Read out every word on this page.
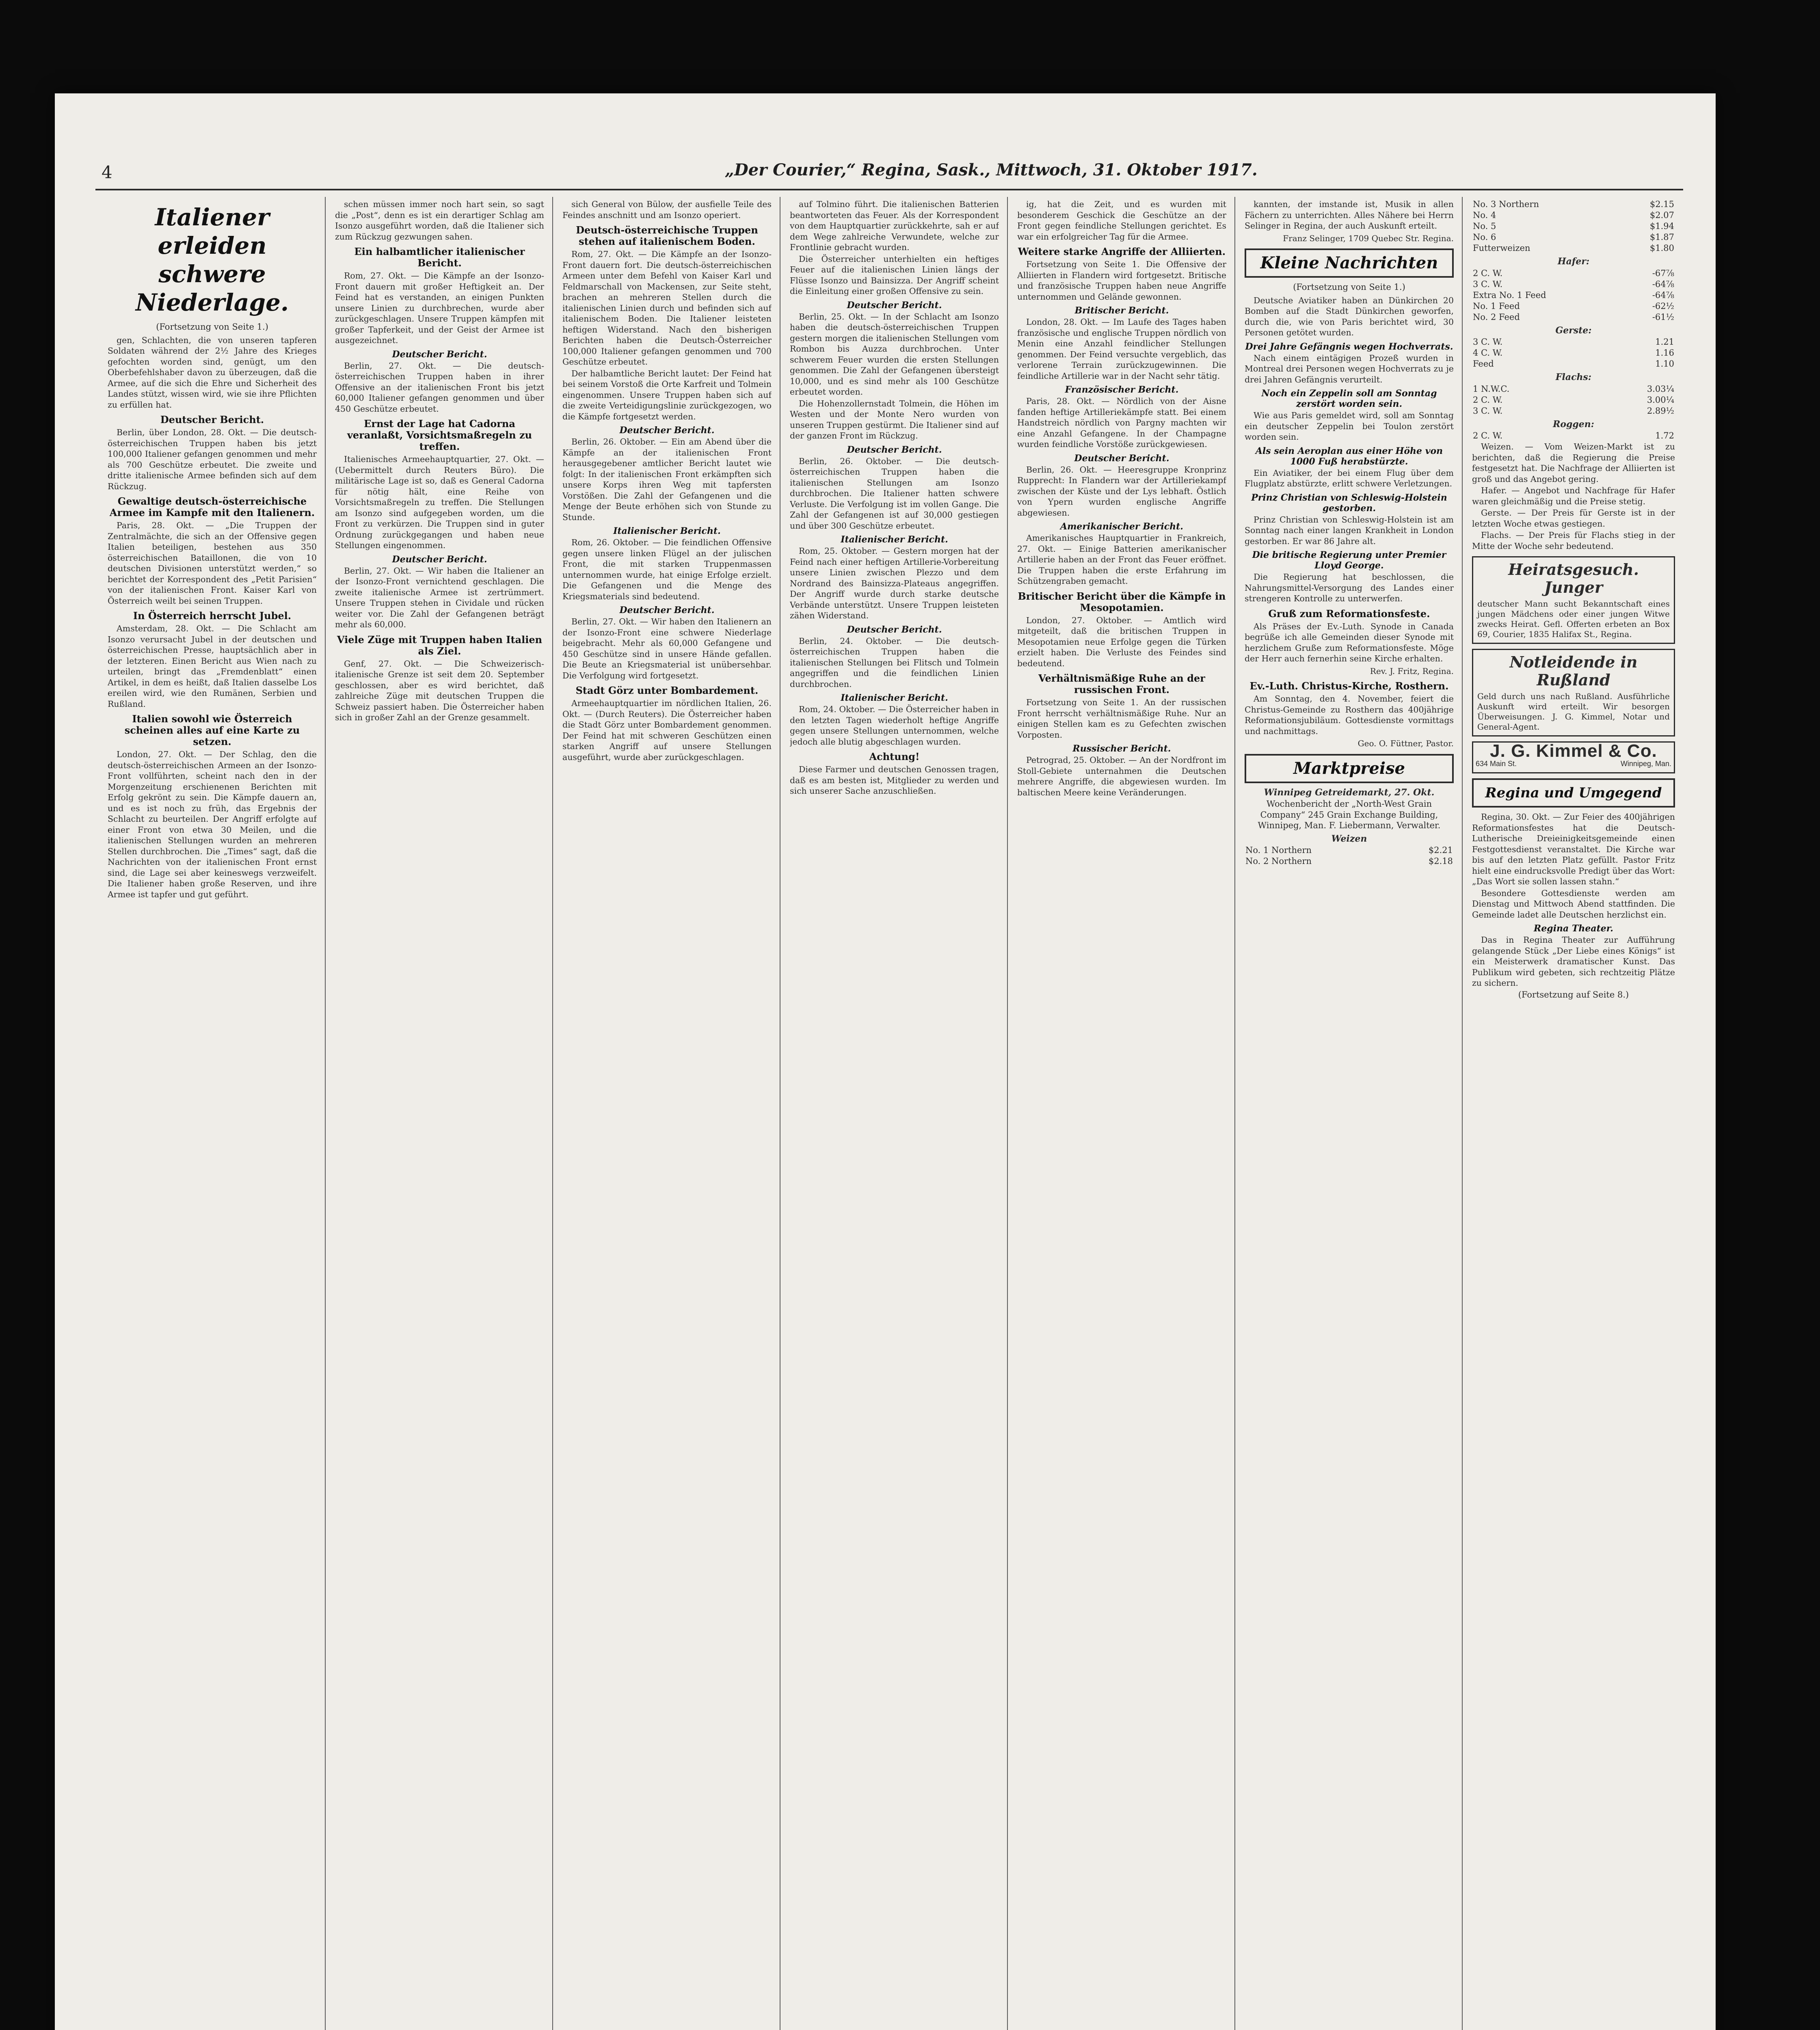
4	„Der Courier,“ Regina, Sask., Mittwoch, 31. Oktober 1917.
Italiener erleiden schwere Niederlage.
(Fortsetzung von Seite 1.)

gen, Schlachten, die von unseren tapferen Soldaten während der 2½ Jahre des Krieges gefochten worden sind, genügt, um den Oberbefehlshaber davon zu überzeugen, daß die Armee, auf die sich die Ehre und Sicherheit des Landes stützt, wissen wird, wie sie ihre Pflichten zu erfüllen hat.

Deutscher Bericht.

Berlin, über London, 28. Okt. — Die deutsch-österreichischen Truppen haben bis jetzt 100,000 Italiener gefangen genommen und mehr als 700 Geschütze erbeutet. Die zweite und dritte italienische Armee befinden sich auf dem Rückzug.

Gewaltige deutsch-österreichische Armee im Kampfe mit den Italienern.

Paris, 28. Okt. — „Die Truppen der Zentralmächte, die sich an der Offensive gegen Italien beteiligen, bestehen aus 350 österreichischen Bataillonen, die von 10 deutschen Divisionen unterstützt werden,“ so berichtet der Korrespondent des „Petit Parisien“ von der italienischen Front. Kaiser Karl von Österreich weilt bei seinen Truppen.

In Österreich herrscht Jubel.

Amsterdam, 28. Okt. — Die Schlacht am Isonzo verursacht Jubel in der deutschen und österreichischen Presse, hauptsächlich aber in der letzteren. Einen Bericht aus Wien nach zu urteilen, bringt das „Fremdenblatt“ einen Artikel, in dem es heißt, daß Italien dasselbe Los ereilen wird, wie den Rumänen, Serbien und Rußland.

Italien sowohl wie Österreich scheinen alles auf eine Karte zu setzen.

London, 27. Okt. — Der Schlag, den die deutsch-österreichischen Armeen an der Isonzo-Front vollführten, scheint nach den in der Morgenzeitung erschienenen Berichten mit Erfolg gekrönt zu sein. Die Kämpfe dauern an, und es ist noch zu früh, das Ergebnis der Schlacht zu beurteilen. Der Angriff erfolgte auf einer Front von etwa 30 Meilen, und die italienischen Stellungen wurden an mehreren Stellen durchbrochen. Die „Times“ sagt, daß die Nachrichten von der italienischen Front ernst sind, die Lage sei aber keineswegs verzweifelt. Die Italiener haben große Reserven, und ihre Armee ist tapfer und gut geführt.

schen müssen immer noch hart sein, so sagt die „Post“, denn es ist ein derartiger Schlag am Isonzo ausgeführt worden, daß die Italiener sich zum Rückzug gezwungen sahen.

Ein halbamtlicher italienischer Bericht.

Rom, 27. Okt. — Die Kämpfe an der Isonzo-Front dauern mit großer Heftigkeit an. Der Feind hat es verstanden, an einigen Punkten unsere Linien zu durchbrechen, wurde aber zurückgeschlagen. Unsere Truppen kämpfen mit großer Tapferkeit, und der Geist der Armee ist ausgezeichnet.

Deutscher Bericht.

Berlin, 27. Okt. — Die deutsch-österreichischen Truppen haben in ihrer Offensive an der italienischen Front bis jetzt 60,000 Italiener gefangen genommen und über 450 Geschütze erbeutet.

Ernst der Lage hat Cadorna veranlaßt, Vorsichtsmaßregeln zu treffen.

Italienisches Armeehauptquartier, 27. Okt. — (Uebermittelt durch Reuters Büro). Die militärische Lage ist so, daß es General Cadorna für nötig hält, eine Reihe von Vorsichtsmaßregeln zu treffen. Die Stellungen am Isonzo sind aufgegeben worden, um die Front zu verkürzen. Die Truppen sind in guter Ordnung zurückgegangen und haben neue Stellungen eingenommen.

Deutscher Bericht.

Berlin, 27. Okt. — Wir haben die Italiener an der Isonzo-Front vernichtend geschlagen. Die zweite italienische Armee ist zertrümmert. Unsere Truppen stehen in Cividale und rücken weiter vor. Die Zahl der Gefangenen beträgt mehr als 60,000.

Viele Züge mit Truppen haben Italien als Ziel.

Genf, 27. Okt. — Die Schweizerisch-italienische Grenze ist seit dem 20. September geschlossen, aber es wird berichtet, daß zahlreiche Züge mit deutschen Truppen die Schweiz passiert haben. Die Österreicher haben sich in großer Zahl an der Grenze gesammelt.

sich General von Bülow, der ausfielle Teile des Feindes anschnitt und am Isonzo operiert.

Deutsch-österreichische Truppen stehen auf italienischem Boden.

Rom, 27. Okt. — Die Kämpfe an der Isonzo-Front dauern fort. Die deutsch-österreichischen Armeen unter dem Befehl von Kaiser Karl und Feldmarschall von Mackensen, zur Seite steht, brachen an mehreren Stellen durch die italienischen Linien durch und befinden sich auf italienischem Boden. Die Italiener leisteten heftigen Widerstand. Nach den bisherigen Berichten haben die Deutsch-Österreicher 100,000 Italiener gefangen genommen und 700 Geschütze erbeutet.

Der halbamtliche Bericht lautet: Der Feind hat bei seinem Vorstoß die Orte Karfreit und Tolmein eingenommen. Unsere Truppen haben sich auf die zweite Verteidigungslinie zurückgezogen, wo die Kämpfe fortgesetzt werden.

Deutscher Bericht.

Berlin, 26. Oktober. — Ein am Abend über die Kämpfe an der italienischen Front herausgegebener amtlicher Bericht lautet wie folgt: In der italienischen Front erkämpften sich unsere Korps ihren Weg mit tapfersten Vorstößen. Die Zahl der Gefangenen und die Menge der Beute erhöhen sich von Stunde zu Stunde.

Italienischer Bericht.

Rom, 26. Oktober. — Die feindlichen Offensive gegen unsere linken Flügel an der julischen Front, die mit starken Truppenmassen unternommen wurde, hat einige Erfolge erzielt. Die Gefangenen und die Menge des Kriegsmaterials sind bedeutend.

Deutscher Bericht.

Berlin, 27. Okt. — Wir haben den Italienern an der Isonzo-Front eine schwere Niederlage beigebracht. Mehr als 60,000 Gefangene und 450 Geschütze sind in unsere Hände gefallen. Die Beute an Kriegsmaterial ist unübersehbar. Die Verfolgung wird fortgesetzt.

Stadt Görz unter Bombardement.

Armeehauptquartier im nördlichen Italien, 26. Okt. — (Durch Reuters). Die Österreicher haben die Stadt Görz unter Bombardement genommen. Der Feind hat mit schweren Geschützen einen starken Angriff auf unsere Stellungen ausgeführt, wurde aber zurückgeschlagen.

auf Tolmino führt. Die italienischen Batterien beantworteten das Feuer. Als der Korrespondent von dem Hauptquartier zurückkehrte, sah er auf dem Wege zahlreiche Verwundete, welche zur Frontlinie gebracht wurden.

Die Österreicher unterhielten ein heftiges Feuer auf die italienischen Linien längs der Flüsse Isonzo und Bainsizza. Der Angriff scheint die Einleitung einer großen Offensive zu sein.

Deutscher Bericht.

Berlin, 25. Okt. — In der Schlacht am Isonzo haben die deutsch-österreichischen Truppen gestern morgen die italienischen Stellungen vom Rombon bis Auzza durchbrochen. Unter schwerem Feuer wurden die ersten Stellungen genommen. Die Zahl der Gefangenen übersteigt 10,000, und es sind mehr als 100 Geschütze erbeutet worden.

Die Hohenzollernstadt Tolmein, die Höhen im Westen und der Monte Nero wurden von unseren Truppen gestürmt. Die Italiener sind auf der ganzen Front im Rückzug.

Deutscher Bericht.

Berlin, 26. Oktober. — Die deutsch-österreichischen Truppen haben die italienischen Stellungen am Isonzo durchbrochen. Die Italiener hatten schwere Verluste. Die Verfolgung ist im vollen Gange. Die Zahl der Gefangenen ist auf 30,000 gestiegen und über 300 Geschütze erbeutet.

Italienischer Bericht.

Rom, 25. Oktober. — Gestern morgen hat der Feind nach einer heftigen Artillerie-Vorbereitung unsere Linien zwischen Plezzo und dem Nordrand des Bainsizza-Plateaus angegriffen. Der Angriff wurde durch starke deutsche Verbände unterstützt. Unsere Truppen leisteten zähen Widerstand.

Deutscher Bericht.

Berlin, 24. Oktober. — Die deutsch-österreichischen Truppen haben die italienischen Stellungen bei Flitsch und Tolmein angegriffen und die feindlichen Linien durchbrochen.

Italienischer Bericht.

Rom, 24. Oktober. — Die Österreicher haben in den letzten Tagen wiederholt heftige Angriffe gegen unsere Stellungen unternommen, welche jedoch alle blutig abgeschlagen wurden.

Achtung!

Diese Farmer und deutschen Genossen tragen, daß es am besten ist, Mitglieder zu werden und sich unserer Sache anzuschließen.

ig, hat die Zeit, und es wurden mit besonderem Geschick die Geschütze an der Front gegen feindliche Stellungen gerichtet. Es war ein erfolgreicher Tag für die Armee.

Weitere starke Angriffe der Alliierten.

Fortsetzung von Seite 1. Die Offensive der Alliierten in Flandern wird fortgesetzt. Britische und französische Truppen haben neue Angriffe unternommen und Gelände gewonnen.

Britischer Bericht.

London, 28. Okt. — Im Laufe des Tages haben französische und englische Truppen nördlich von Menin eine Anzahl feindlicher Stellungen genommen. Der Feind versuchte vergeblich, das verlorene Terrain zurückzugewinnen. Die feindliche Artillerie war in der Nacht sehr tätig.

Französischer Bericht.

Paris, 28. Okt. — Nördlich von der Aisne fanden heftige Artilleriekämpfe statt. Bei einem Handstreich nördlich von Pargny machten wir eine Anzahl Gefangene. In der Champagne wurden feindliche Vorstöße zurückgewiesen.

Deutscher Bericht.

Berlin, 26. Okt. — Heeresgruppe Kronprinz Rupprecht: In Flandern war der Artilleriekampf zwischen der Küste und der Lys lebhaft. Östlich von Ypern wurden englische Angriffe abgewiesen.

Amerikanischer Bericht.

Amerikanisches Hauptquartier in Frankreich, 27. Okt. — Einige Batterien amerikanischer Artillerie haben an der Front das Feuer eröffnet. Die Truppen haben die erste Erfahrung im Schützengraben gemacht.

Britischer Bericht über die Kämpfe in Mesopotamien.

London, 27. Oktober. — Amtlich wird mitgeteilt, daß die britischen Truppen in Mesopotamien neue Erfolge gegen die Türken erzielt haben. Die Verluste des Feindes sind bedeutend.

Verhältnismäßige Ruhe an der russischen Front.

Fortsetzung von Seite 1. An der russischen Front herrscht verhältnismäßige Ruhe. Nur an einigen Stellen kam es zu Gefechten zwischen Vorposten.

Russischer Bericht.

Petrograd, 25. Oktober. — An der Nordfront im Stoll-Gebiete unternahmen die Deutschen mehrere Angriffe, die abgewiesen wurden. Im baltischen Meere keine Veränderungen.

kannten, der imstande ist, Musik in allen Fächern zu unterrichten. Alles Nähere bei Herrn Selinger in Regina, der auch Auskunft erteilt.

Franz Selinger, 1709 Quebec Str. Regina.
Kleine Nachrichten
(Fortsetzung von Seite 1.)

Deutsche Aviatiker haben an Dünkirchen 20 Bomben auf die Stadt Dünkirchen geworfen, durch die, wie von Paris berichtet wird, 30 Personen getötet wurden.

Drei Jahre Gefängnis wegen Hochverrats.

Nach einem eintägigen Prozeß wurden in Montreal drei Personen wegen Hochverrats zu je drei Jahren Gefängnis verurteilt.

Noch ein Zeppelin soll am Sonntag zerstört worden sein.

Wie aus Paris gemeldet wird, soll am Sonntag ein deutscher Zeppelin bei Toulon zerstört worden sein.

Als sein Aeroplan aus einer Höhe von 1000 Fuß herabstürzte.

Ein Aviatiker, der bei einem Flug über dem Flugplatz abstürzte, erlitt schwere Verletzungen.

Prinz Christian von Schleswig-Holstein gestorben.

Prinz Christian von Schleswig-Holstein ist am Sonntag nach einer langen Krankheit in London gestorben. Er war 86 Jahre alt.

Die britische Regierung unter Premier Lloyd George.

Die Regierung hat beschlossen, die Nahrungsmittel-Versorgung des Landes einer strengeren Kontrolle zu unterwerfen.

Gruß zum Reformationsfeste.

Als Präses der Ev.-Luth. Synode in Canada begrüße ich alle Gemeinden dieser Synode mit herzlichem Gruße zum Reformationsfeste. Möge der Herr auch fernerhin seine Kirche erhalten.

Rev. J. Fritz, Regina.
Ev.-Luth. Christus-Kirche, Rosthern.

Am Sonntag, den 4. November, feiert die Christus-Gemeinde zu Rosthern das 400jährige Reformationsjubiläum. Gottesdienste vormittags und nachmittags.

Geo. O. Füttner, Pastor.
Marktpreise
Winnipeg Getreidemarkt, 27. Okt.
Wochenbericht der „North-West Grain Company“ 245 Grain Exchange Building, Winnipeg, Man. F. Liebermann, Verwalter.
Weizen
No. 1 Northern	$2.21
No. 2 Northern	$2.18
No. 3 Northern	$2.15
No. 4	$2.07
No. 5	$1.94
No. 6	$1.87
Futterweizen	$1.80
Hafer:
2 C. W.	-67⅞
3 C. W.	-64⅞
Extra No. 1 Feed	-64⅞
No. 1 Feed	-62½
No. 2 Feed	-61½
Gerste:
3 C. W.	1.21
4 C. W.	1.16
Feed	1.10
Flachs:
1 N.W.C.	3.03¼
2 C. W.	3.00¼
3 C. W.	2.89½
Roggen:
2 C. W.	1.72

Weizen. — Vom Weizen-Markt ist zu berichten, daß die Regierung die Preise festgesetzt hat. Die Nachfrage der Alliierten ist groß und das Angebot gering.

Hafer. — Angebot und Nachfrage für Hafer waren gleichmäßig und die Preise stetig.

Gerste. — Der Preis für Gerste ist in der letzten Woche etwas gestiegen.

Flachs. — Der Preis für Flachs stieg in der Mitte der Woche sehr bedeutend.

Heiratsgesuch. Junger
deutscher Mann sucht Bekanntschaft eines jungen Mädchens oder einer jungen Witwe zwecks Heirat. Gefl. Offerten erbeten an Box 69, Courier, 1835 Halifax St., Regina.
Notleidende in Rußland
Geld durch uns nach Rußland. Ausführliche Auskunft wird erteilt. Wir besorgen Überweisungen. J. G. Kimmel, Notar und General-Agent.
J. G. Kimmel & Co.
634 Main St.	Winnipeg, Man.
Regina und Umgegend

Regina, 30. Okt. — Zur Feier des 400jährigen Reformationsfestes hat die Deutsch-Lutherische Dreieinigkeitsgemeinde einen Festgottesdienst veranstaltet. Die Kirche war bis auf den letzten Platz gefüllt. Pastor Fritz hielt eine eindrucksvolle Predigt über das Wort: „Das Wort sie sollen lassen stahn.“

Besondere Gottesdienste werden am Dienstag und Mittwoch Abend stattfinden. Die Gemeinde ladet alle Deutschen herzlichst ein.

Regina Theater.

Das in Regina Theater zur Aufführung gelangende Stück „Der Liebe eines Königs“ ist ein Meisterwerk dramatischer Kunst. Das Publikum wird gebeten, sich rechtzeitig Plätze zu sichern.

(Fortsetzung auf Seite 8.)
